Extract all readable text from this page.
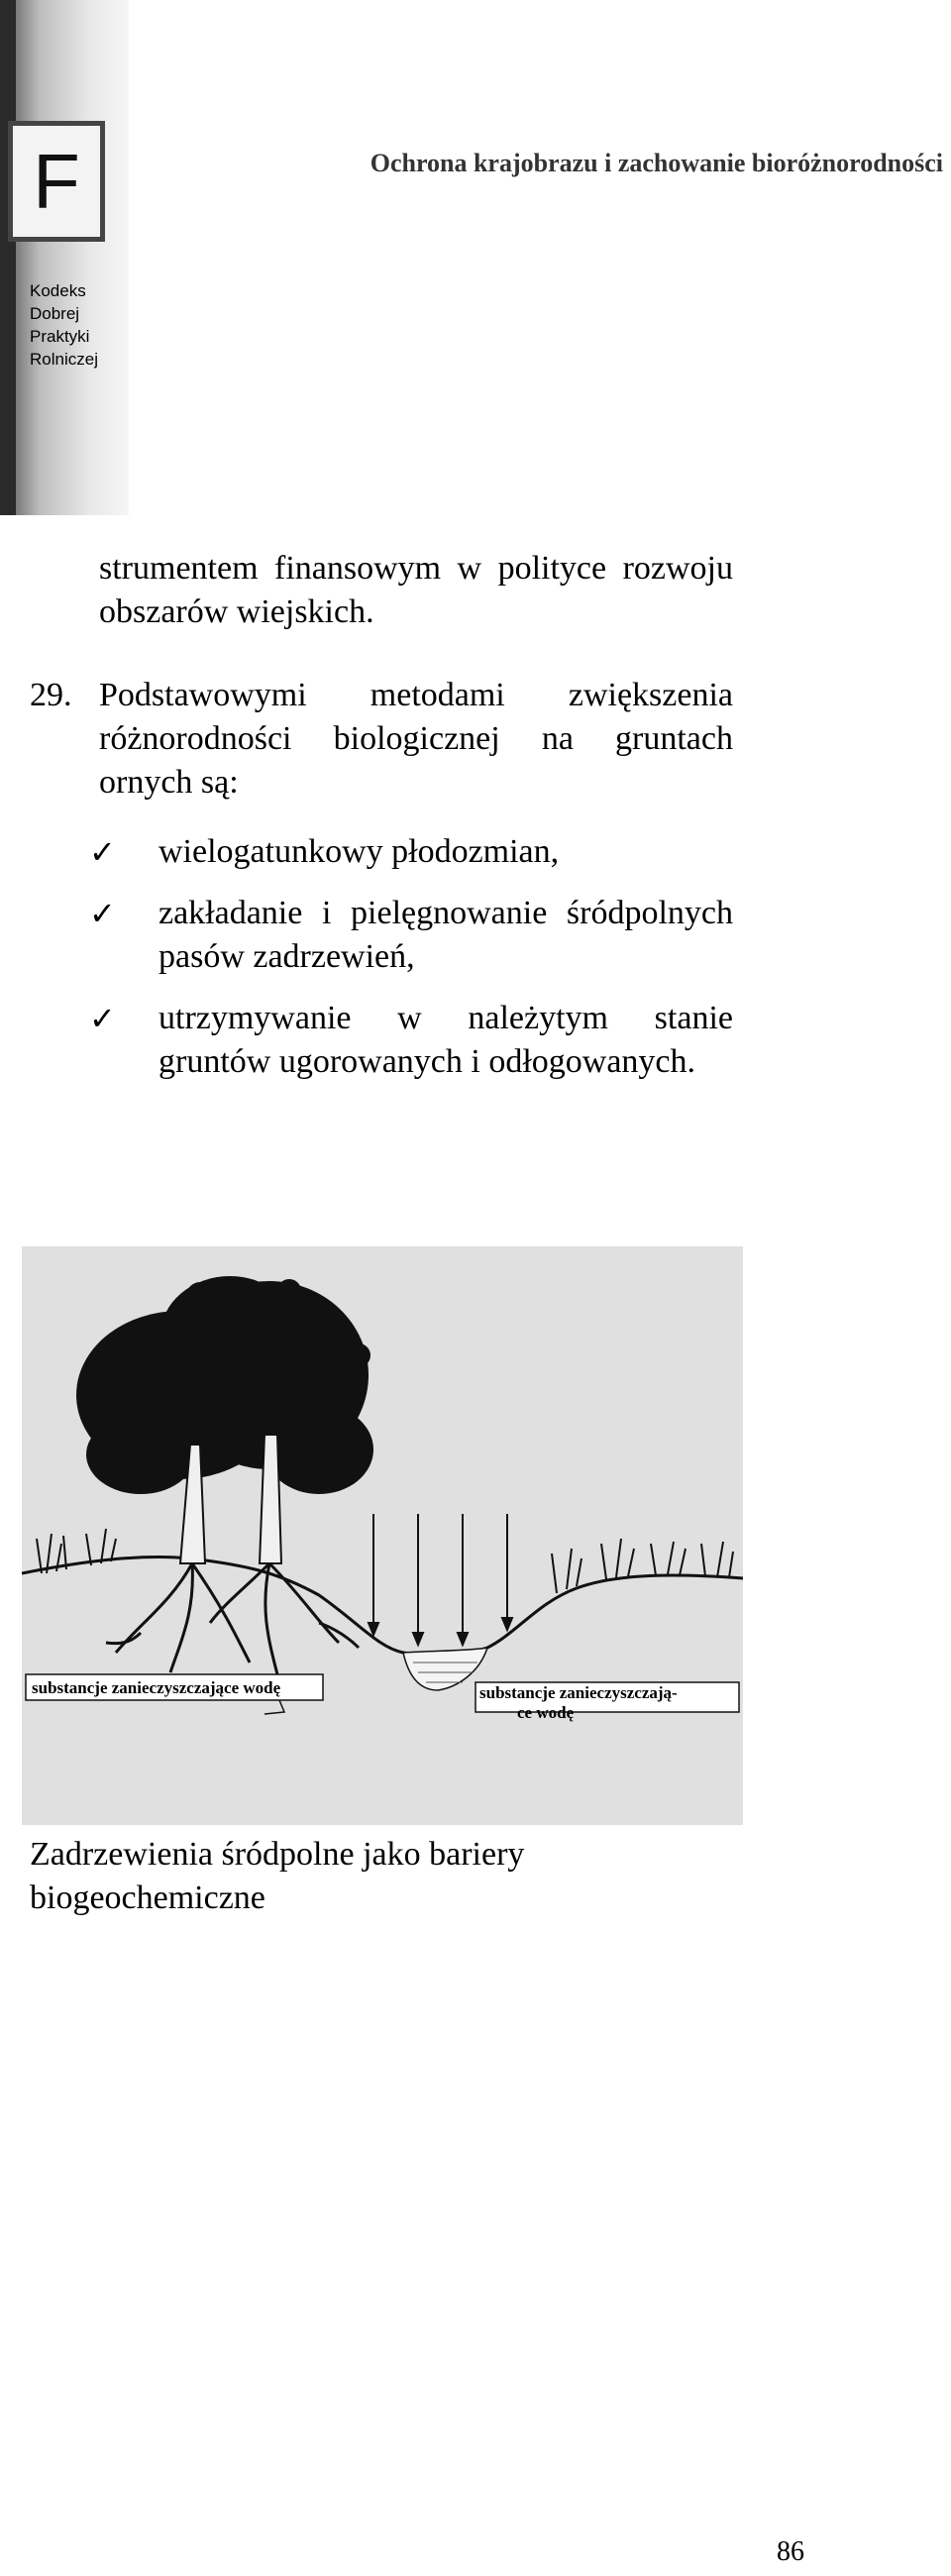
F
Kodeks
Dobrej
Praktyki
Rolniczej
Ochrona krajobrazu i zachowanie bioróżnorodności
strumentem finansowym w polityce rozwoju obszarów wiejskich.
29. Podstawowymi metodami zwiększenia różnorodności biologicznej na gruntach ornych są:
✓ wielogatunkowy płodozmian,
✓ zakładanie i pielęgnowanie śródpolnych pasów zadrzewień,
✓ utrzymywanie w należytym stanie gruntów ugorowanych i odłogowanych.
substancje zanieczyszczające wodę	substancje zanieczyszczają-
ce wodę
Zadrzewienia śródpolne jako bariery biogeochemiczne
86
